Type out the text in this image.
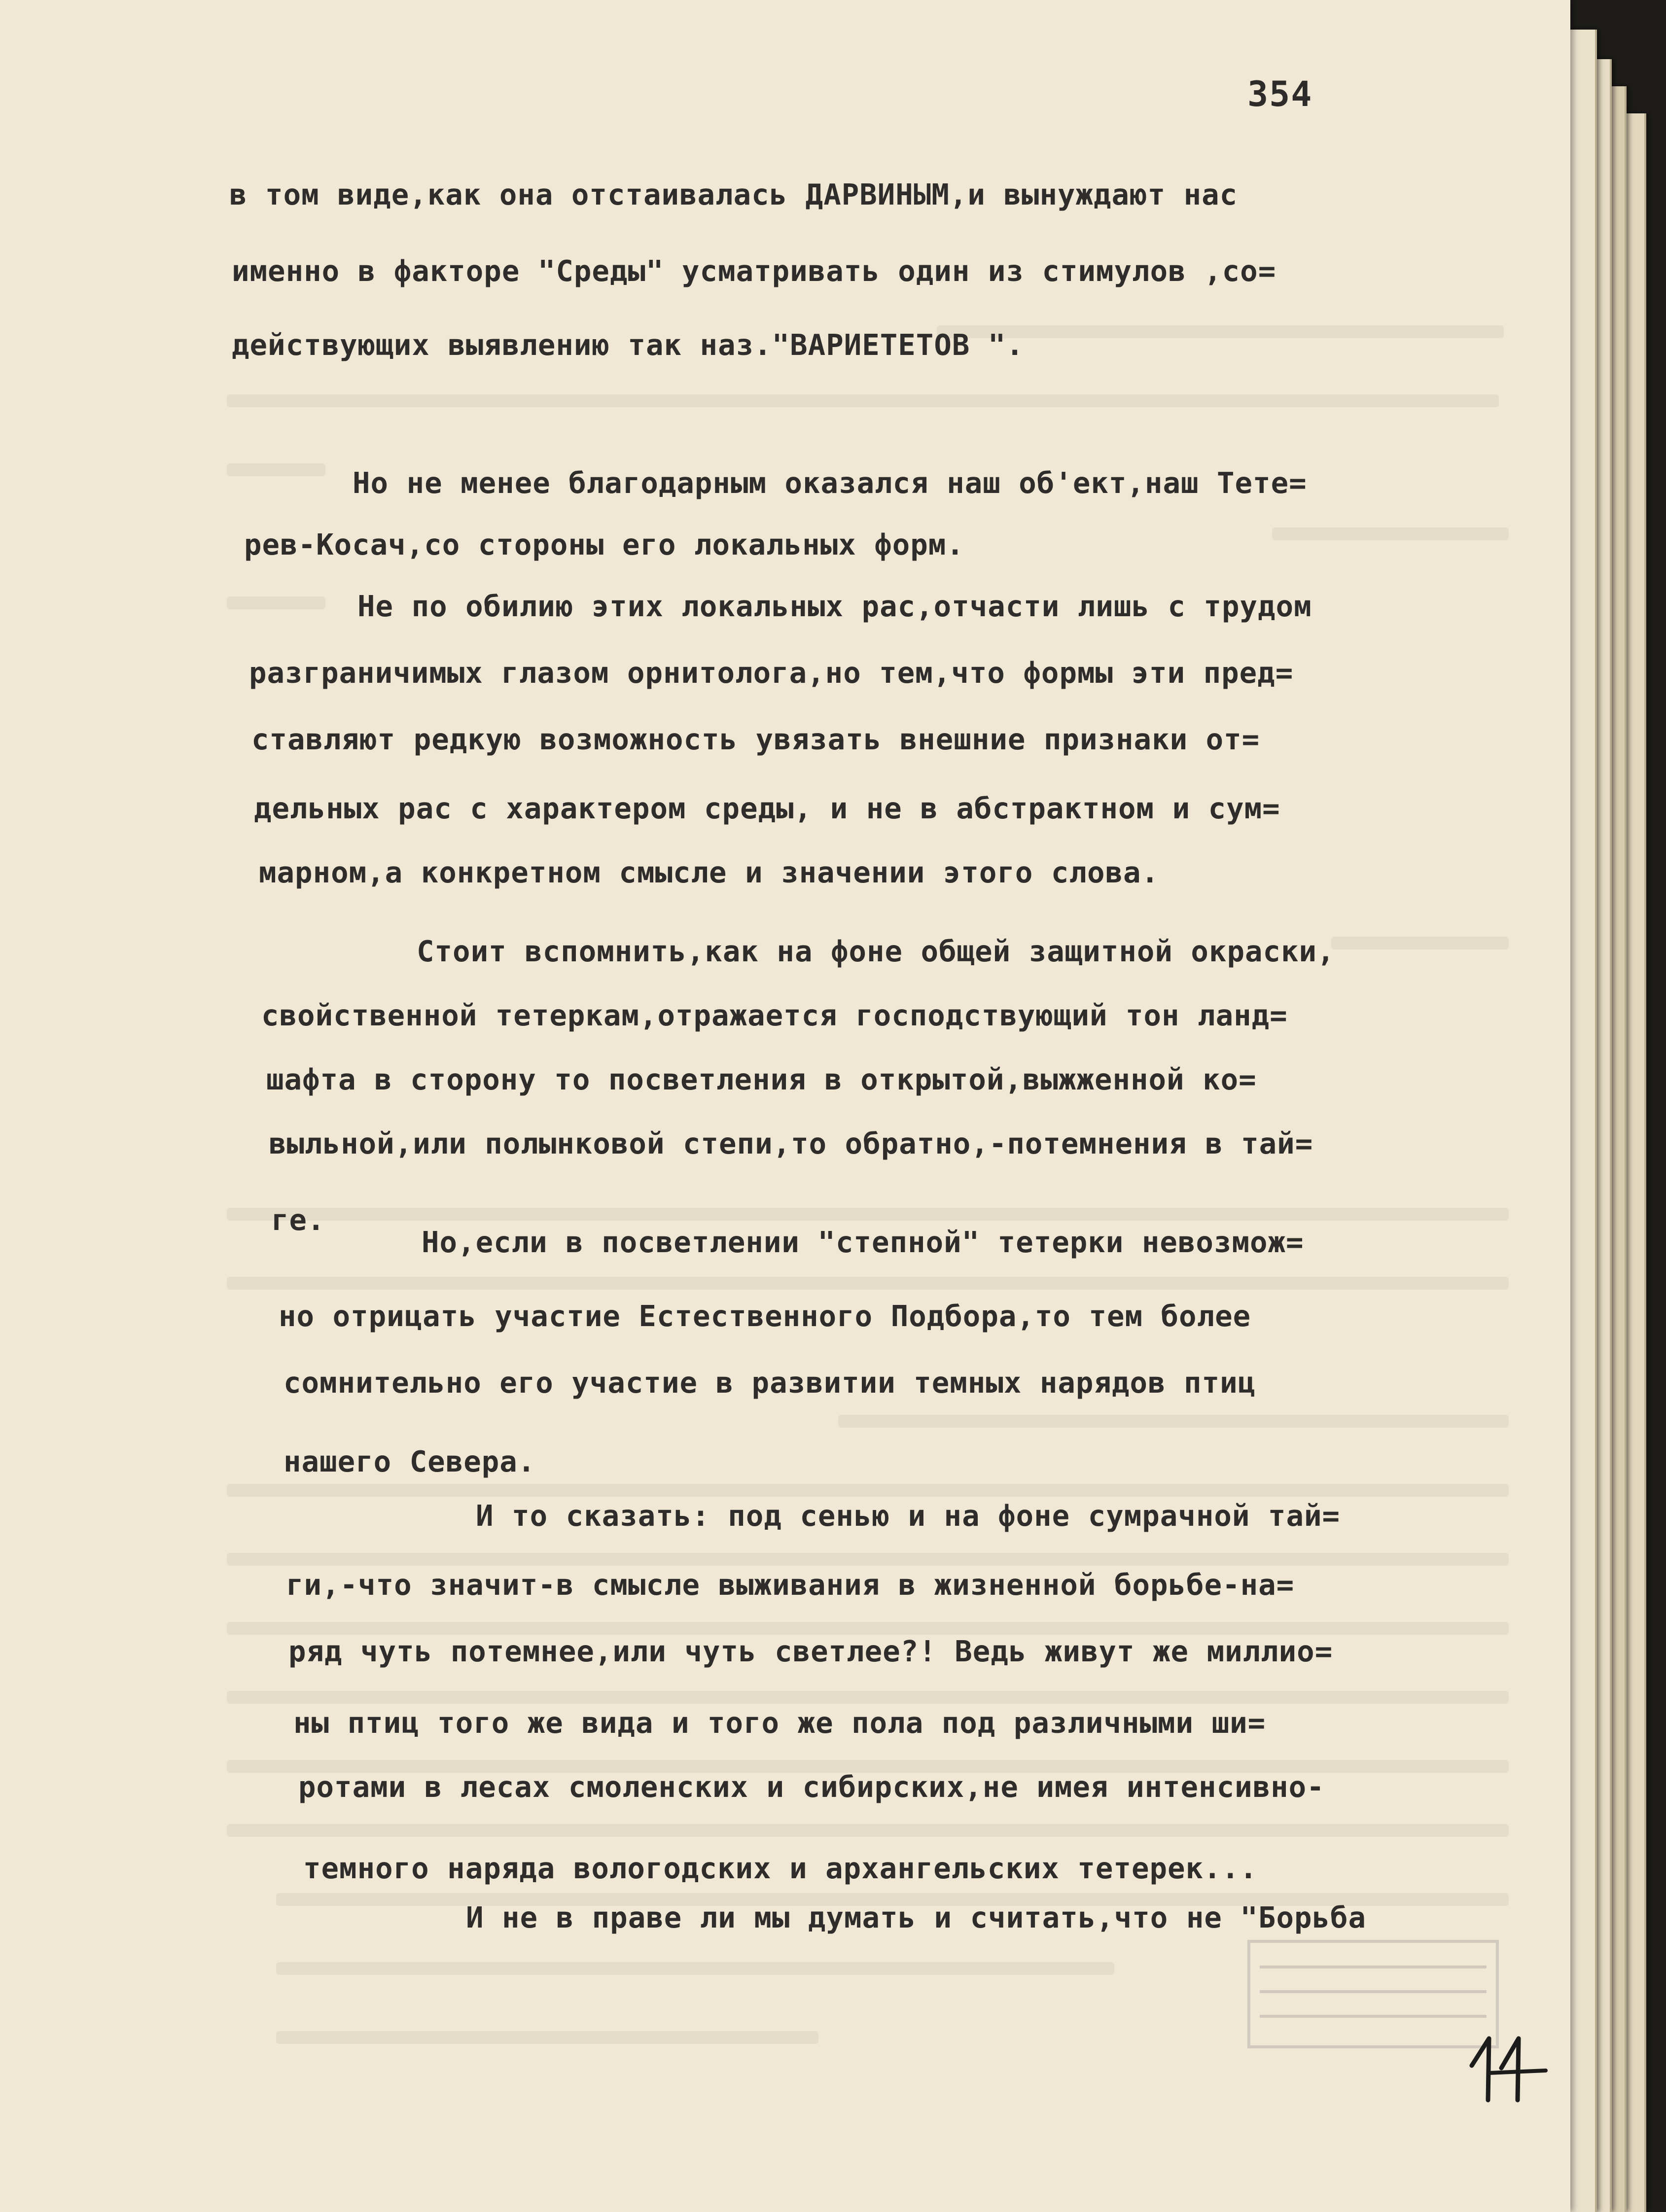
354
в том виде,как она отстаивалась ДАРВИНЫМ,и вынуждают нас
именно в факторе "Среды" усматривать один из стимулов ,со=
действующих выявлению так наз."ВАРИЕТЕТОВ ".
Но не менее благодарным оказался наш об'ект,наш Тете=
рев-Косач,со стороны его локальных форм.
Не по обилию этих локальных рас,отчасти лишь с трудом
разграничимых глазом орнитолога,но тем,что формы эти пред=
ставляют редкую возможность увязать внешние признаки от=
дельных рас с характером среды, и не в абстрактном и сум=
марном,а конкретном смысле и значении этого слова.
Стоит вспомнить,как на фоне общей защитной окраски,
свойственной тетеркам,отражается господствующий тон ланд=
шафта в сторону то посветления в открытой,выжженной ко=
выльной,или полынковой степи,то обратно,-потемнения в тай=
ге.
Но,если в посветлении "степной" тетерки невозмож=
но отрицать участие Естественного Подбора,то тем более
сомнительно его участие в развитии темных нарядов птиц
нашего Севера.
И то сказать: под сенью и на фоне сумрачной тай=
ги,-что значит-в смысле выживания в жизненной борьбе-на=
ряд чуть потемнее,или чуть светлее?! Ведь живут же миллио=
ны птиц того же вида и того же пола под различными ши=
ротами в лесах смоленских и сибирских,не имея интенсивно-
темного наряда вологодских и архангельских тетерек...
И не в праве ли мы думать и считать,что не "Борьба
